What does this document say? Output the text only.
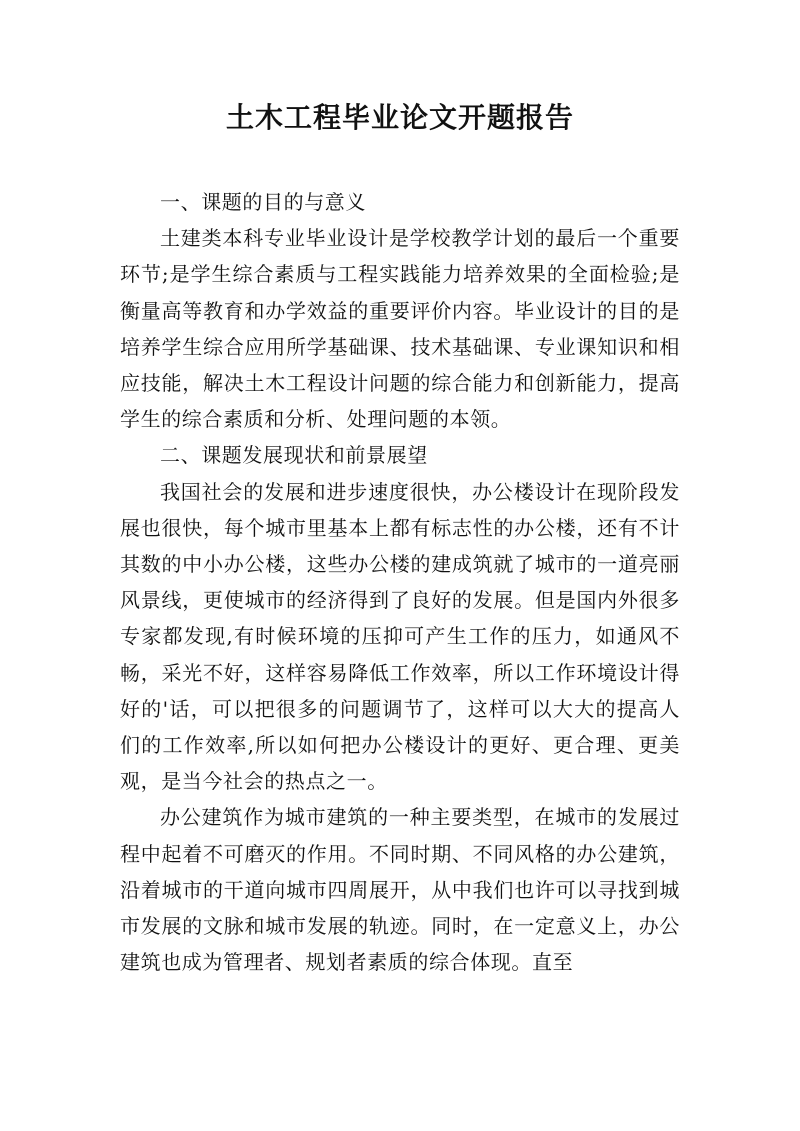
土木工程毕业论文开题报告

一、课题的目的与意义

土建类本科专业毕业设计是学校教学计划的最后一个重要环节;是学生综合素质与工程实践能力培养效果的全面检验;是衡量高等教育和办学效益的重要评价内容。毕业设计的目的是培养学生综合应用所学基础课、技术基础课、专业课知识和相应技能，解决土木工程设计问题的综合能力和创新能力，提高学生的综合素质和分析、处理问题的本领。

二、课题发展现状和前景展望

我国社会的发展和进步速度很快，办公楼设计在现阶段发展也很快，每个城市里基本上都有标志性的办公楼，还有不计其数的中小办公楼，这些办公楼的建成筑就了城市的一道亮丽风景线，更使城市的经济得到了良好的发展。但是国内外很多专家都发现,有时候环境的压抑可产生工作的压力，如通风不畅，采光不好，这样容易降低工作效率，所以工作环境设计得好的'话，可以把很多的问题调节了，这样可以大大的提高人们的工作效率,所以如何把办公楼设计的更好、更合理、更美观，是当今社会的热点之一。

办公建筑作为城市建筑的一种主要类型，在城市的发展过程中起着不可磨灭的作用。不同时期、不同风格的办公建筑，沿着城市的干道向城市四周展开，从中我们也许可以寻找到城市发展的文脉和城市发展的轨迹。同时，在一定意义上，办公建筑也成为管理者、规划者素质的综合体现。直至
